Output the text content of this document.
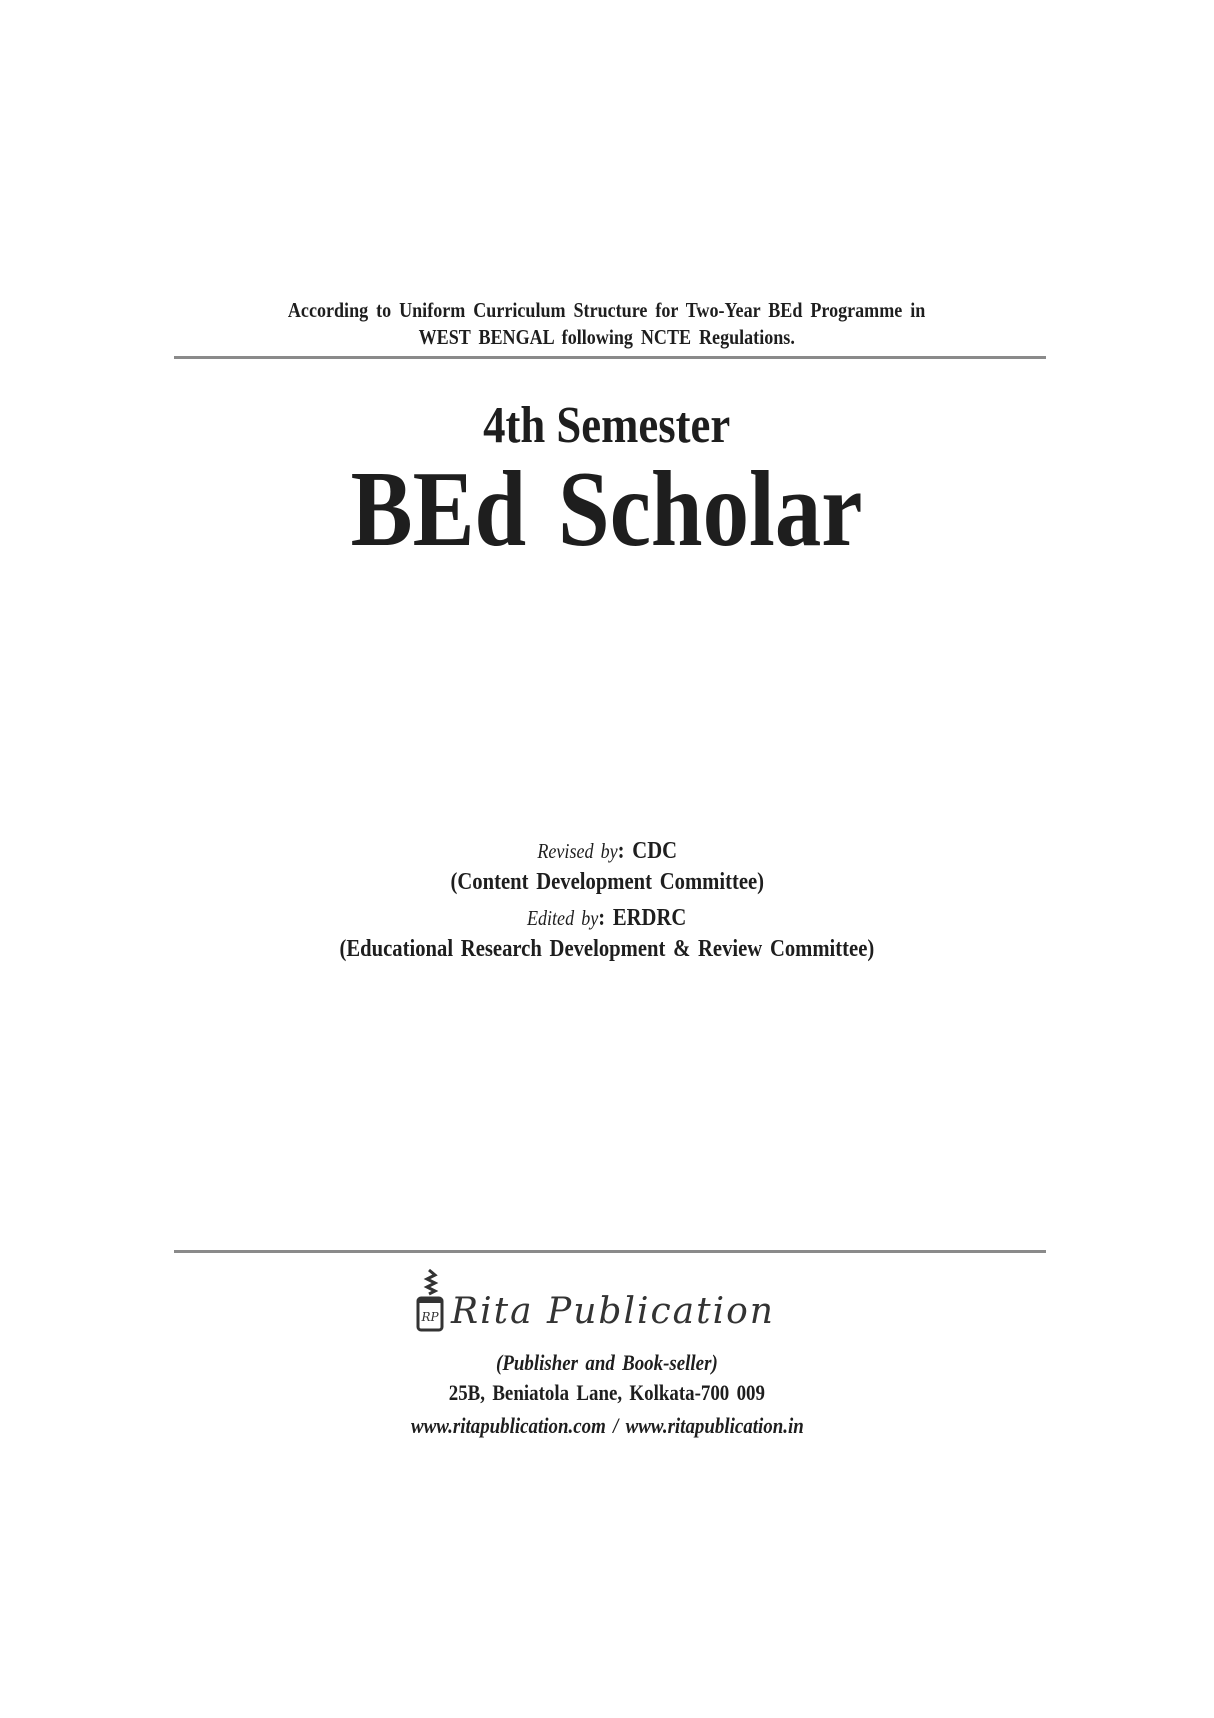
According to Uniform Curriculum Structure for Two-Year BEd Programme in
WEST BENGAL following NCTE Regulations.
4th Semester
BEd Scholar
Revised by: CDC
(Content Development Committee)
Edited by: ERDRC
(Educational Research Development & Review Committee)
RP Rita Publication
(Publisher and Book-seller)
25B, Beniatola Lane, Kolkata-700 009
www.ritapublication.com / www.ritapublication.in
